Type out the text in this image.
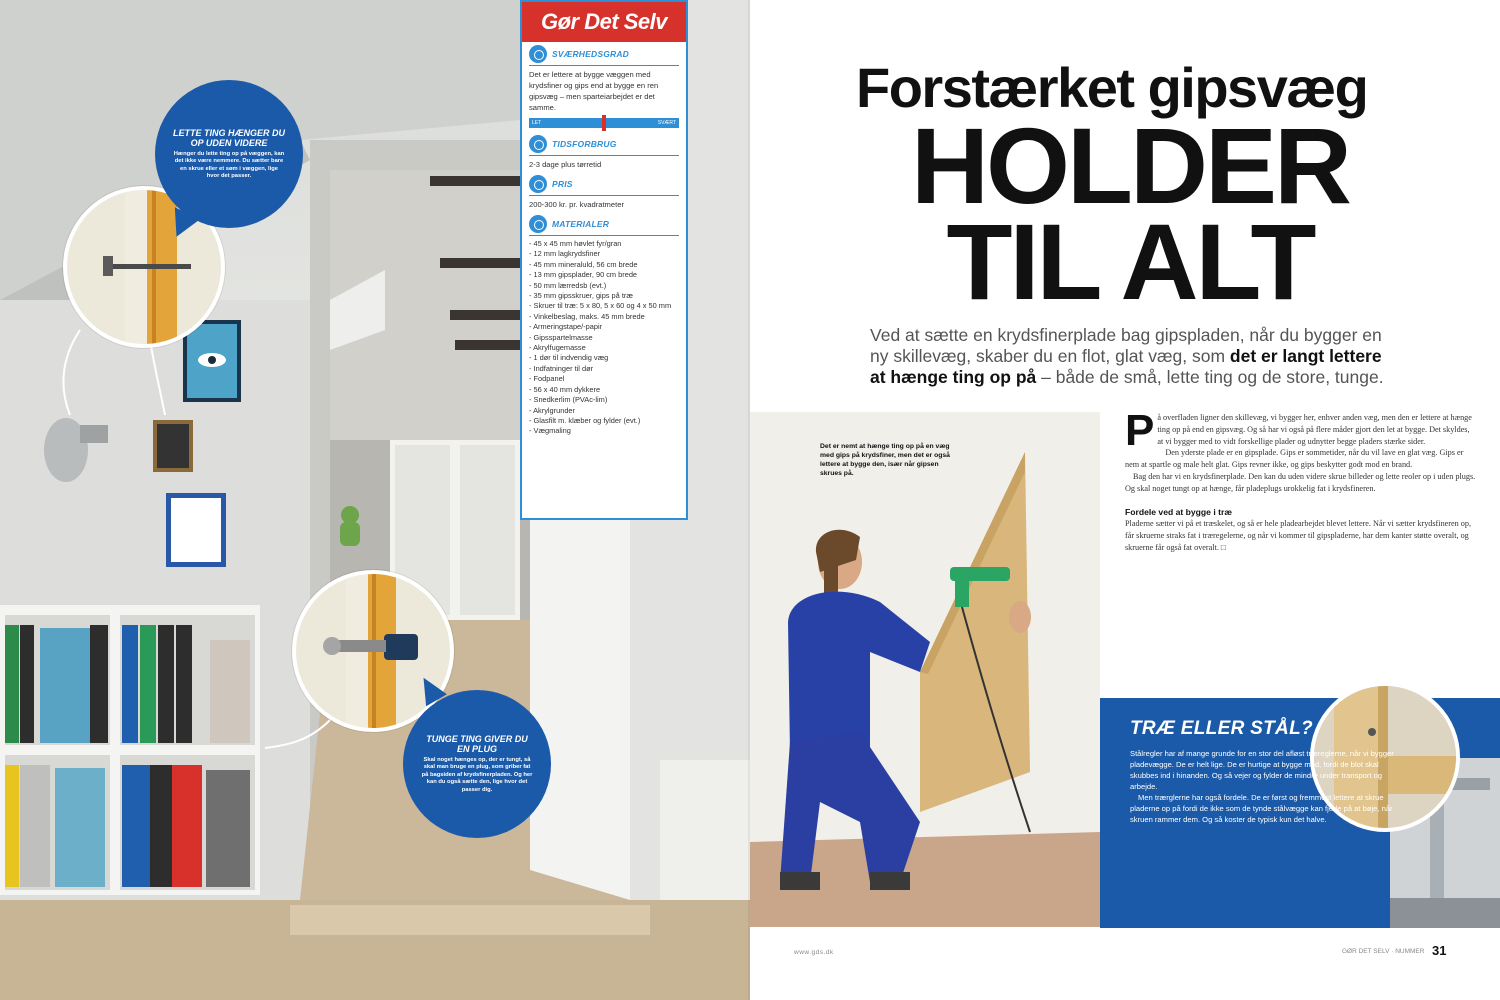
LETTE TING HÆNGER DU OP UDEN VIDERE
Hænger du lette ting op på væggen, kan det ikke være nemmere. Du sætter bare en skrue eller et søm i væggen, lige hvor det passer.
TUNGE TING GIVER DU EN PLUG
Skal noget hænges op, der er tungt, så skal man bruge en plug, som griber fat på bagsiden af krydsfinerpladen. Og her kan du også sætte den, lige hvor det passer dig.
Gør Det Selv
SVÆRHEDSGRAD
Det er lettere at bygge væggen med krydsfiner og gips end at bygge en ren gipsvæg – men sparteiarbejdet er det samme.
LET	SVÆRT
TIDSFORBRUG
2-3 dage plus tørretid
PRIS
200-300 kr. pr. kvadratmeter
MATERIALER
- 45 x 45 mm høvlet fyr/gran
- 12 mm lagkrydsfiner
- 45 mm mineraluld, 56 cm brede
- 13 mm gipsplader, 90 cm brede
- 50 mm lærredsb (evt.)
- 35 mm gipsskruer, gips på træ
- Skruer til træ: 5 x 80, 5 x 60 og 4 x 50 mm
- Vinkelbeslag, maks. 45 mm brede
- Armeringstape/-papir
- Gipsspartelmasse
- Akrylfugemasse
- 1 dør til indvendig væg
- Indfatninger til dør
- Fodpanel
- 56 x 40 mm dykkere
- Snedkerlim (PVAc-lim)
- Akrylgrunder
- Glasfilt m. klæber og fylder (evt.)
- Vægmaling
Forstærket gipsvæg
HOLDER
TIL ALT
Ved at sætte en krydsfinerplade bag gipspladen, når du bygger en ny skillevæg, skaber du en flot, glat væg, som det er langt lettere at hænge ting op på – både de små, lette ting og de store, tunge.
Det er nemt at hænge ting op på en væg med gips på krydsfiner, men det er også lettere at bygge den, især når gipsen skrues på.

På overfladen ligner den skillevæg, vi bygger her, enhver anden væg, men den er lettere at hænge ting op på end en gipsvæg. Og så har vi også på flere måder gjort den let at bygge. Det skyldes, at vi bygger med to vidt forskellige plader og udnytter begge pladers stærke sider.

Den yderste plade er en gipsplade. Gips er sommetider, når du vil lave en glat væg. Gips er nem at spartle og male helt glat. Gips revner ikke, og gips beskytter godt mod en brand.

Bag den har vi en krydsfinerplade. Den kan du uden videre skrue billeder og lette reoler op i uden plugs. Og skal noget tungt op at hænge, får pladeplugs urokkelig fat i krydsfineren.

Fordele ved at bygge i træ

Pladerne sætter vi på et træskelet, og så er hele pladearbejdet blevet lettere. Når vi sætter krydsfineren op, får skruerne straks fat i træregelerne, og når vi kommer til gipspladerne, har dem kanter støtte overalt, og skruerne får også fat overalt. □

TRÆ ELLER STÅL?

Stålregler har af mange grunde for en stor del afløst træreglerne, når vi bygger pladevægge. De er helt lige. De er hurtige at bygge med, fordi de blot skal skubbes ind i hinanden. Og så vejer og fylder de mindre under transport og arbejde.

Men trærglerne har også fordele. De er først og fremmest lettere at skrue pladerne op på fordi de ikke som de tynde stålvægge kan fjede på at bøje, når skruen rammer dem. Og så koster de typisk kun det halve.

www.gds.dk	GØR DET SELV · NUMMER 31
